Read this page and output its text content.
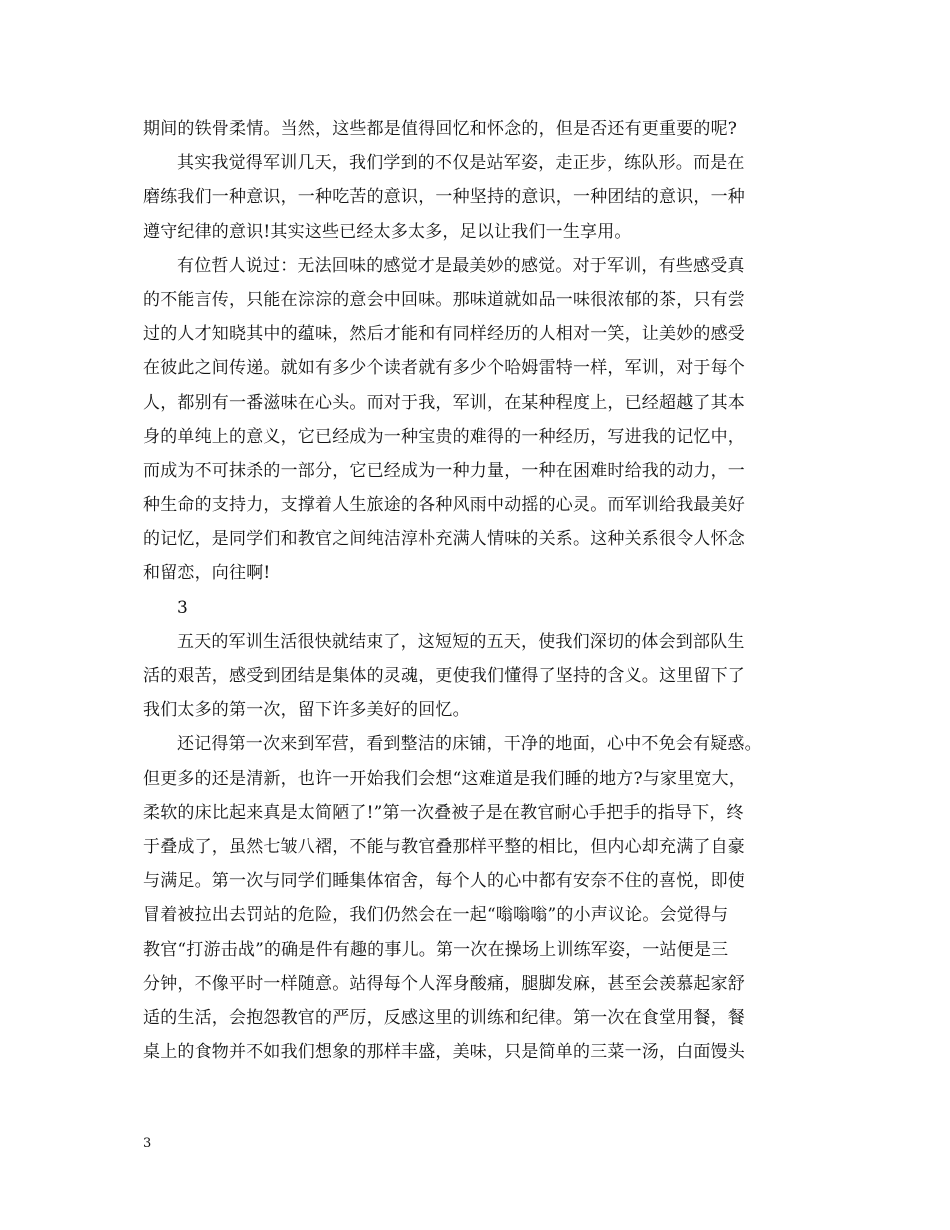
期间的铁骨柔情。当然，这些都是值得回忆和怀念的，但是否还有更重要的呢?
其实我觉得军训几天，我们学到的不仅是站军姿，走正步，练队形。而是在
磨练我们一种意识，一种吃苦的意识，一种坚持的意识，一种团结的意识，一种
遵守纪律的意识!其实这些已经太多太多，足以让我们一生享用。
有位哲人说过：无法回味的感觉才是最美妙的感觉。对于军训，有些感受真
的不能言传，只能在淙淙的意会中回味。那味道就如品一味很浓郁的茶，只有尝
过的人才知晓其中的蕴味，然后才能和有同样经历的人相对一笑，让美妙的感受
在彼此之间传递。就如有多少个读者就有多少个哈姆雷特一样，军训，对于每个
人，都别有一番滋味在心头。而对于我，军训，在某种程度上，已经超越了其本
身的单纯上的意义，它已经成为一种宝贵的难得的一种经历，写进我的记忆中，
而成为不可抹杀的一部分，它已经成为一种力量，一种在困难时给我的动力，一
种生命的支持力，支撑着人生旅途的各种风雨中动摇的心灵。而军训给我最美好
的记忆，是同学们和教官之间纯洁淳朴充满人情味的关系。这种关系很令人怀念
和留恋，向往啊!
3
五天的军训生活很快就结束了，这短短的五天，使我们深切的体会到部队生
活的艰苦，感受到团结是集体的灵魂，更使我们懂得了坚持的含义。这里留下了
我们太多的第一次，留下许多美好的回忆。
还记得第一次来到军营，看到整洁的床铺，干净的地面，心中不免会有疑惑。
但更多的还是清新，也许一开始我们会想“这难道是我们睡的地方?与家里宽大，
柔软的床比起来真是太简陋了!”第一次叠被子是在教官耐心手把手的指导下，终
于叠成了，虽然七皱八褶，不能与教官叠那样平整的相比，但内心却充满了自豪
与满足。第一次与同学们睡集体宿舍，每个人的心中都有安奈不住的喜悦，即使
冒着被拉出去罚站的危险，我们仍然会在一起“嗡嗡嗡”的小声议论。会觉得与
教官“打游击战”的确是件有趣的事儿。第一次在操场上训练军姿，一站便是三
分钟，不像平时一样随意。站得每个人浑身酸痛，腿脚发麻，甚至会羡慕起家舒
适的生活，会抱怨教官的严厉，反感这里的训练和纪律。第一次在食堂用餐，餐
桌上的食物并不如我们想象的那样丰盛，美味，只是简单的三菜一汤，白面馒头
3
